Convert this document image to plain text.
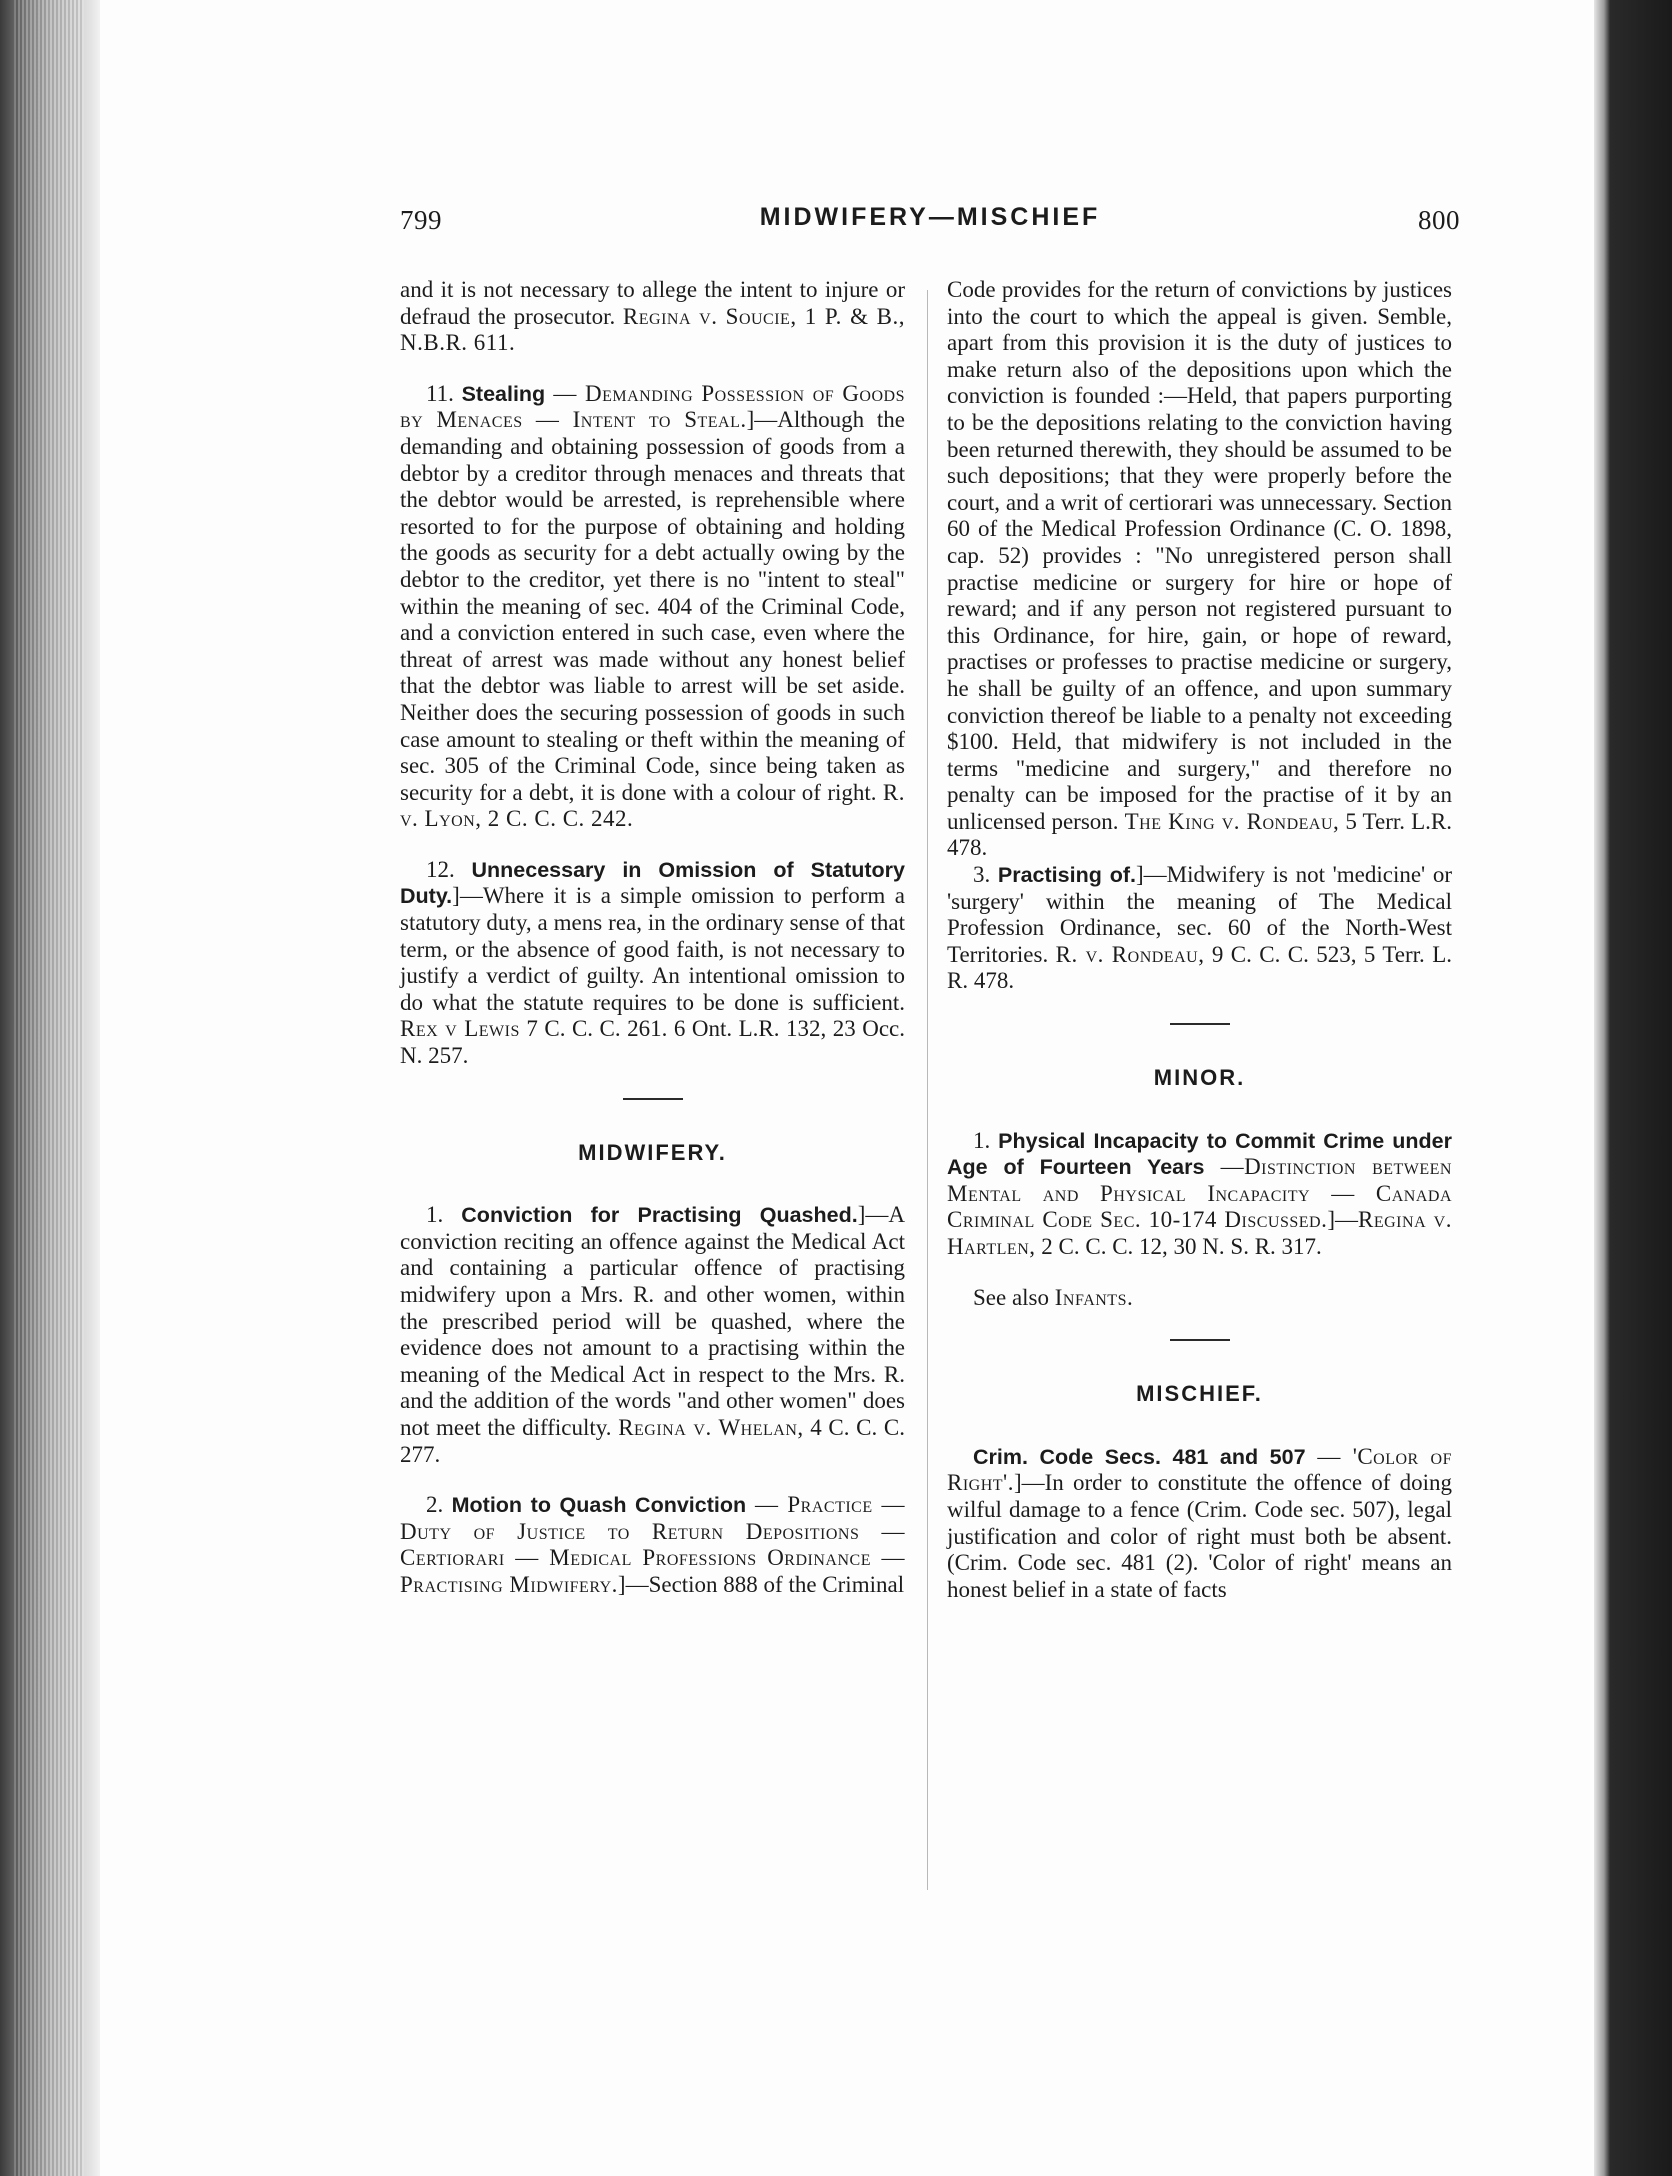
799	MIDWIFERY—MISCHIEF	800

and it is not necessary to allege the intent to injure or defraud the prosecutor. Regina v. Soucie, 1 P. & B., N.B.R. 611.

11. Stealing — Demanding Possession of Goods by Menaces — Intent to Steal.]—Although the demanding and obtaining possession of goods from a debtor by a creditor through menaces and threats that the debtor would be arrested, is reprehensible where resorted to for the purpose of obtaining and holding the goods as security for a debt actually owing by the debtor to the creditor, yet there is no "intent to steal" within the meaning of sec. 404 of the Criminal Code, and a conviction entered in such case, even where the threat of arrest was made without any honest belief that the debtor was liable to arrest will be set aside. Neither does the securing possession of goods in such case amount to stealing or theft within the meaning of sec. 305 of the Criminal Code, since being taken as security for a debt, it is done with a colour of right. R. v. Lyon, 2 C. C. C. 242.

12. Unnecessary in Omission of Statutory Duty.]—Where it is a simple omission to perform a statutory duty, a mens rea, in the ordinary sense of that term, or the absence of good faith, is not necessary to justify a verdict of guilty. An intentional omission to do what the statute requires to be done is sufficient. Rex v Lewis 7 C. C. C. 261. 6 Ont. L.R. 132, 23 Occ. N. 257.

MIDWIFERY.

1. Conviction for Practising Quashed.]—A conviction reciting an offence against the Medical Act and containing a particular offence of practising midwifery upon a Mrs. R. and other women, within the prescribed period will be quashed, where the evidence does not amount to a practising within the meaning of the Medical Act in respect to the Mrs. R. and the addition of the words "and other women" does not meet the difficulty. Regina v. Whelan, 4 C. C. C. 277.

2. Motion to Quash Conviction — Practice — Duty of Justice to Return Depositions — Certiorari — Medical Professions Ordinance — Practising Midwifery.]—Section 888 of the Criminal

Code provides for the return of convictions by justices into the court to which the appeal is given. Semble, apart from this provision it is the duty of justices to make return also of the depositions upon which the conviction is founded :—Held, that papers purporting to be the depositions relating to the conviction having been returned therewith, they should be assumed to be such depositions; that they were properly before the court, and a writ of certiorari was unnecessary. Section 60 of the Medical Profession Ordinance (C. O. 1898, cap. 52) provides : "No unregistered person shall practise medicine or surgery for hire or hope of reward; and if any person not registered pursuant to this Ordinance, for hire, gain, or hope of reward, practises or professes to practise medicine or surgery, he shall be guilty of an offence, and upon summary conviction thereof be liable to a penalty not exceeding $100. Held, that midwifery is not included in the terms "medicine and surgery," and therefore no penalty can be imposed for the practise of it by an unlicensed person. The King v. Rondeau, 5 Terr. L.R. 478.

3. Practising of.]—Midwifery is not 'medicine' or 'surgery' within the meaning of The Medical Profession Ordinance, sec. 60 of the North-West Territories. R. v. Rondeau, 9 C. C. C. 523, 5 Terr. L. R. 478.

MINOR.

1. Physical Incapacity to Commit Crime under Age of Fourteen Years —Distinction between Mental and Physical Incapacity — Canada Criminal Code Sec. 10-174 Discussed.]—Regina v. Hartlen, 2 C. C. C. 12, 30 N. S. R. 317.

See also Infants.

MISCHIEF.

Crim. Code Secs. 481 and 507 — 'Color of Right'.]—In order to constitute the offence of doing wilful damage to a fence (Crim. Code sec. 507), legal justification and color of right must both be absent. (Crim. Code sec. 481 (2). 'Color of right' means an honest belief in a state of facts
